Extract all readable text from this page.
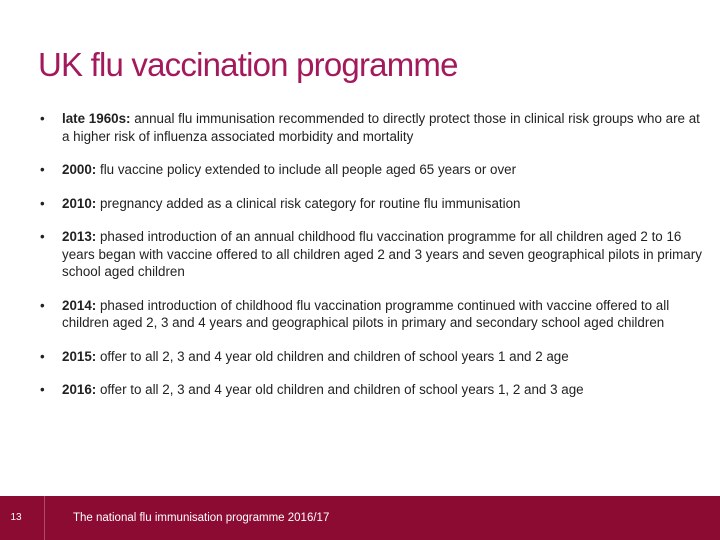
UK flu vaccination programme
• late 1960s: annual flu immunisation recommended to directly protect those in clinical risk groups who are at a higher risk of influenza associated morbidity and mortality
• 2000: flu vaccine policy extended to include all people aged 65 years or over
• 2010: pregnancy added as a clinical risk category for routine flu immunisation
• 2013: phased introduction of an annual childhood flu vaccination programme for all children aged 2 to 16 years began with vaccine offered to all children aged 2 and 3 years and seven geographical pilots in primary school aged children
• 2014: phased introduction of childhood flu vaccination programme continued with vaccine offered to all children aged 2, 3 and 4 years and geographical pilots in primary and secondary school aged children
• 2015: offer to all 2, 3 and 4 year old children and children of school years 1 and 2 age
• 2016: offer to all 2, 3 and 4 year old children and children of school years 1, 2 and 3 age
13	The national flu immunisation programme 2016/17
